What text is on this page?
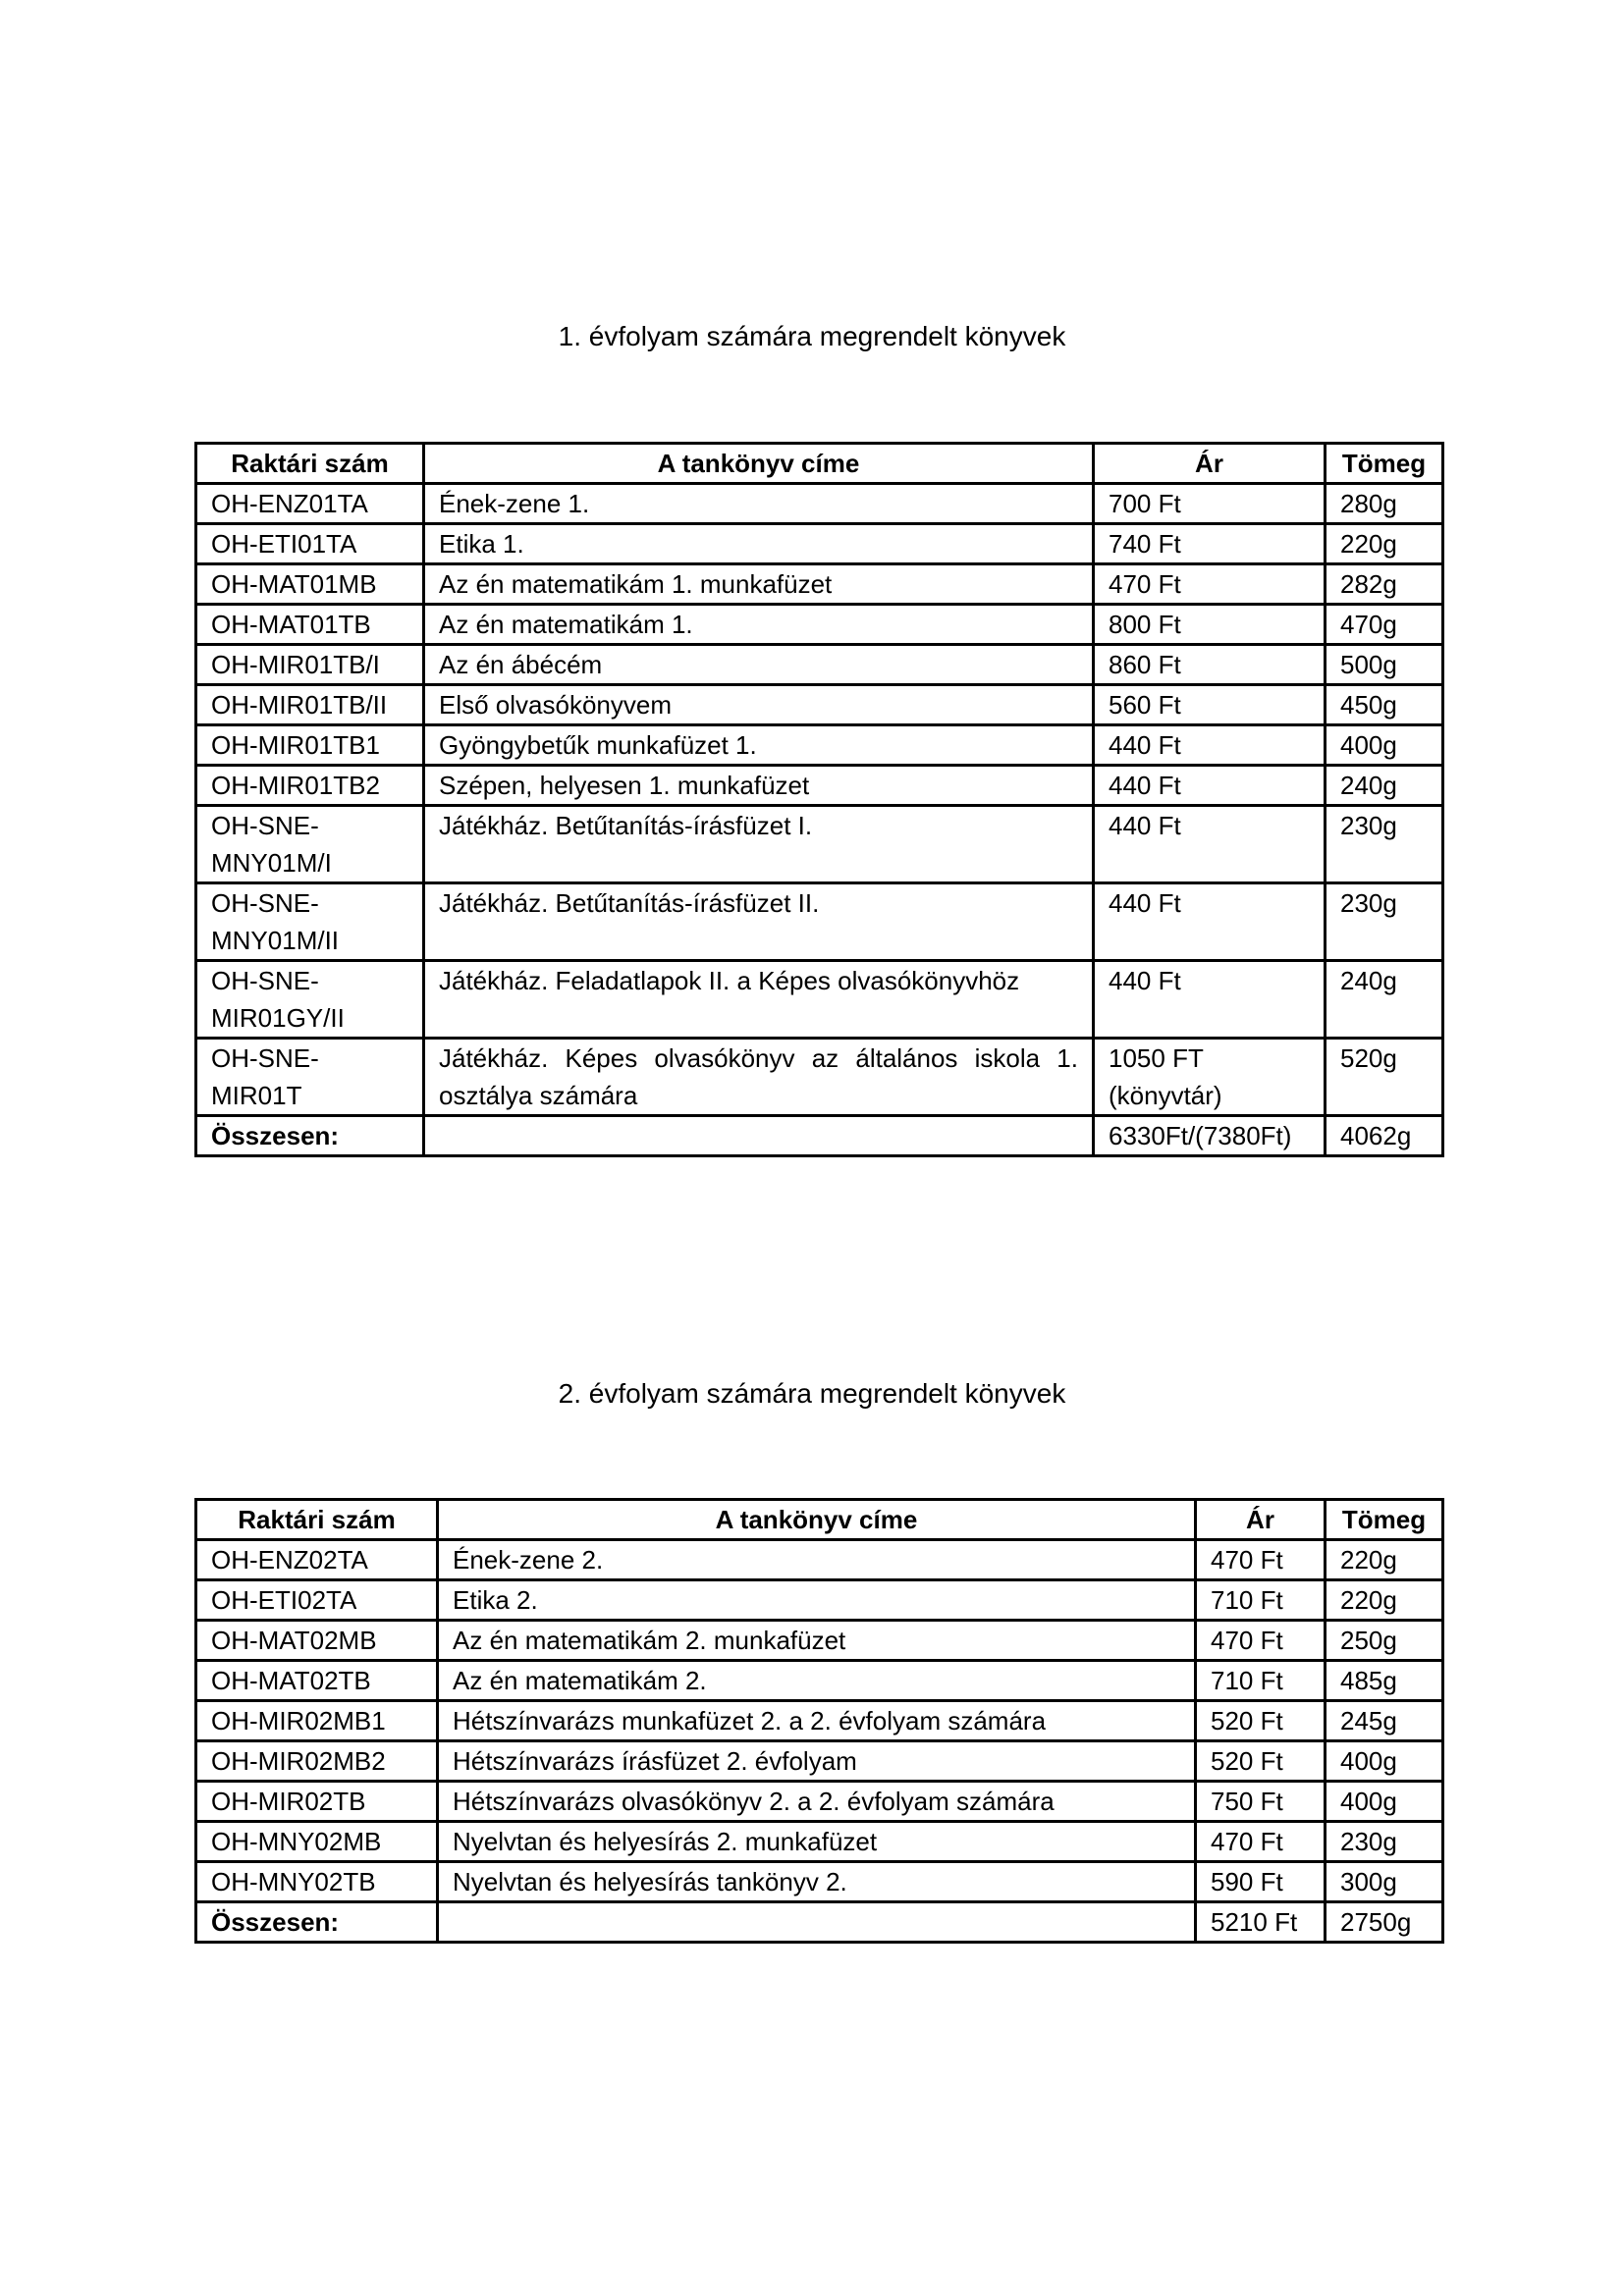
1. évfolyam számára megrendelt könyvek
Raktári szám	A tankönyv címe	Ár	Tömeg
OH-ENZ01TA	Ének-zene 1.	700 Ft	280g
OH-ETI01TA	Etika 1.	740 Ft	220g
OH-MAT01MB	Az én matematikám 1. munkafüzet	470 Ft	282g
OH-MAT01TB	Az én matematikám 1.	800 Ft	470g
OH-MIR01TB/I	Az én ábécém	860 Ft	500g
OH-MIR01TB/II	Első olvasókönyvem	560 Ft	450g
OH-MIR01TB1	Gyöngybetűk munkafüzet 1.	440 Ft	400g
OH-MIR01TB2	Szépen, helyesen 1. munkafüzet	440 Ft	240g
OH-SNE-MNY01M/I	Játékház. Betűtanítás-írásfüzet I.	440 Ft	230g
OH-SNE-MNY01M/II	Játékház. Betűtanítás-írásfüzet II.	440 Ft	230g
OH-SNE-MIR01GY/II	Játékház. Feladatlapok II. a Képes olvasókönyvhöz	440 Ft	240g
OH-SNE-MIR01T	Játékház. Képes olvasókönyv az általános iskola 1. osztálya számára	1050 FT (könyvtár)	520g
Összesen:		6330Ft/(7380Ft)	4062g
2. évfolyam számára megrendelt könyvek
Raktári szám	A tankönyv címe	Ár	Tömeg
OH-ENZ02TA	Ének-zene 2.	470 Ft	220g
OH-ETI02TA	Etika 2.	710 Ft	220g
OH-MAT02MB	Az én matematikám 2. munkafüzet	470 Ft	250g
OH-MAT02TB	Az én matematikám 2.	710 Ft	485g
OH-MIR02MB1	Hétszínvarázs munkafüzet 2. a 2. évfolyam számára	520 Ft	245g
OH-MIR02MB2	Hétszínvarázs írásfüzet 2. évfolyam	520 Ft	400g
OH-MIR02TB	Hétszínvarázs olvasókönyv 2. a 2. évfolyam számára	750 Ft	400g
OH-MNY02MB	Nyelvtan és helyesírás 2. munkafüzet	470 Ft	230g
OH-MNY02TB	Nyelvtan és helyesírás tankönyv 2.	590 Ft	300g
Összesen:		5210 Ft	2750g
